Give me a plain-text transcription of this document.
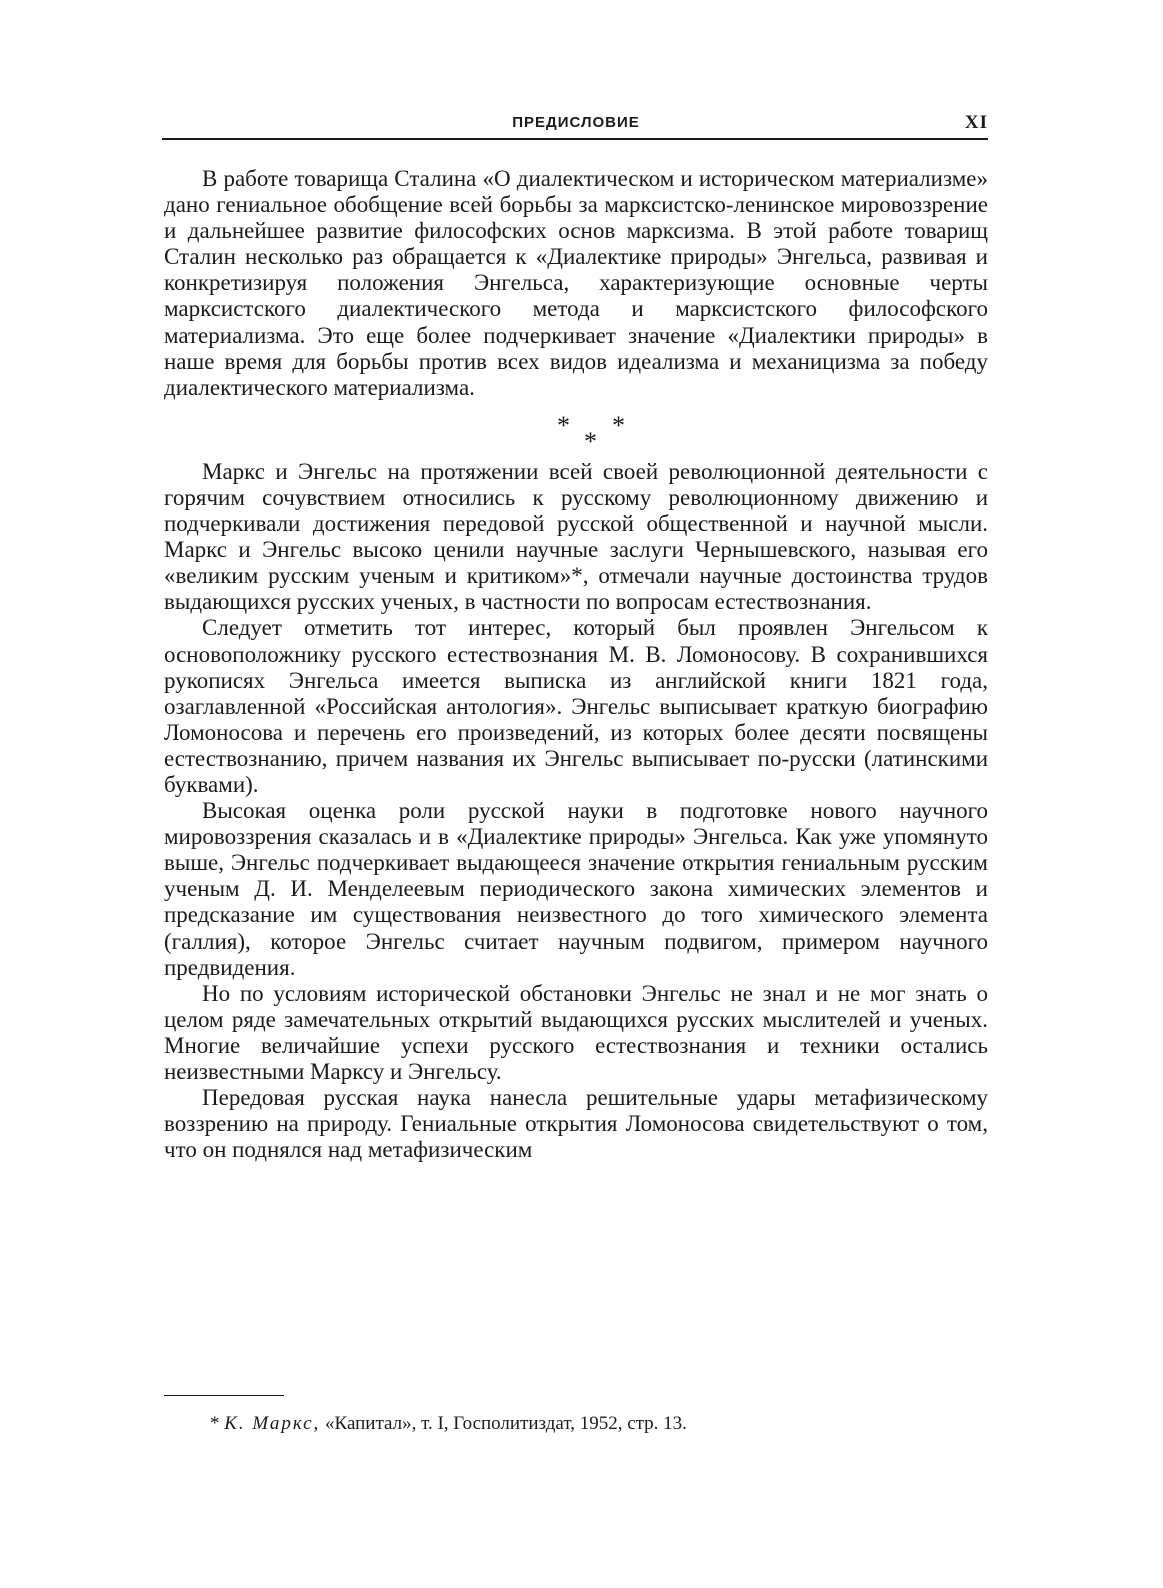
ПРЕДИСЛОВИЕ	XI

В работе товарища Сталина «О диалектическом и историческом материализме» дано гениальное обобщение всей борьбы за марксистско-ленинское мировоззрение и дальнейшее развитие философских основ марксизма. В этой работе товарищ Сталин несколько раз обращается к «Диалектике природы» Энгельса, развивая и конкретизируя положения Энгельса, характеризующие основные черты марксистского диалектического метода и марксистского философского материализма. Это еще более подчеркивает значение «Диалектики природы» в наше время для борьбы против всех видов идеализма и механицизма за победу диалектического материализма.

* *
*

Маркс и Энгельс на протяжении всей своей революционной деятельности с горячим сочувствием относились к русскому революционному движению и подчеркивали достижения передовой русской общественной и научной мысли. Маркс и Энгельс высоко ценили научные заслуги Чернышевского, называя его «великим русским ученым и критиком»*, отмечали научные достоинства трудов выдающихся русских ученых, в частности по вопросам естествознания.

Следует отметить тот интерес, который был проявлен Энгельсом к основоположнику русского естествознания М. В. Ломоносову. В сохранившихся рукописях Энгельса имеется выписка из английской книги 1821 года, озаглавленной «Российская антология». Энгельс выписывает краткую биографию Ломоносова и перечень его произведений, из которых более десяти посвящены естествознанию, причем названия их Энгельс выписывает по-русски (латинскими буквами).

Высокая оценка роли русской науки в подготовке нового научного мировоззрения сказалась и в «Диалектике природы» Энгельса. Как уже упомянуто выше, Энгельс подчеркивает выдающееся значение открытия гениальным русским ученым Д. И. Менделеевым периодического закона химических элементов и предсказание им существования неизвестного до того химического элемента (галлия), которое Энгельс считает научным подвигом, примером научного предвидения.

Но по условиям исторической обстановки Энгельс не знал и не мог знать о целом ряде замечательных открытий выдающихся русских мыслителей и ученых. Многие величайшие успехи русского естествознания и техники остались неизвестными Марксу и Энгельсу.

Передовая русская наука нанесла решительные удары метафизическому воззрению на природу. Гениальные открытия Ломоносова свидетельствуют о том, что он поднялся над метафизическим

* К. Маркс, «Капитал», т. I, Госполитиздат, 1952, стр. 13.
